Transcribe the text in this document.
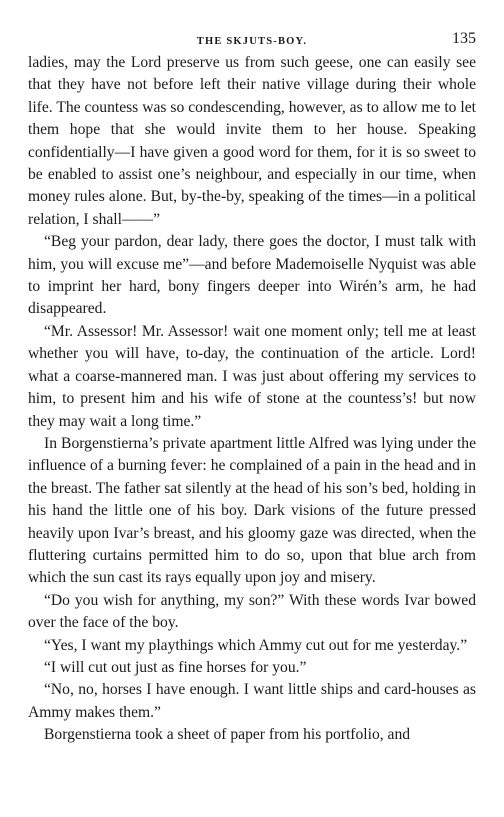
THE SKJUTS-BOY.	135

ladies, may the Lord preserve us from such geese, one can easily see that they have not before left their native village during their whole life. The countess was so condescending, however, as to allow me to let them hope that she would invite them to her house. Speaking confidentially—I have given a good word for them, for it is so sweet to be enabled to assist one’s neighbour, and especially in our time, when money rules alone. But, by-the-by, speaking of the times—in a political relation, I shall——”

“Beg your pardon, dear lady, there goes the doctor, I must talk with him, you will excuse me”—and before Mademoiselle Nyquist was able to imprint her hard, bony fingers deeper into Wirén’s arm, he had disappeared.

“Mr. Assessor! Mr. Assessor! wait one moment only; tell me at least whether you will have, to-day, the continuation of the article. Lord! what a coarse-mannered man. I was just about offering my services to him, to present him and his wife of stone at the countess’s! but now they may wait a long time.”

In Borgenstierna’s private apartment little Alfred was lying under the influence of a burning fever: he complained of a pain in the head and in the breast. The father sat silently at the head of his son’s bed, holding in his hand the little one of his boy. Dark visions of the future pressed heavily upon Ivar’s breast, and his gloomy gaze was directed, when the fluttering curtains permitted him to do so, upon that blue arch from which the sun cast its rays equally upon joy and misery.

“Do you wish for anything, my son?” With these words Ivar bowed over the face of the boy.

“Yes, I want my playthings which Ammy cut out for me yesterday.”

“I will cut out just as fine horses for you.”

“No, no, horses I have enough. I want little ships and card-houses as Ammy makes them.”

Borgenstierna took a sheet of paper from his portfolio, and
